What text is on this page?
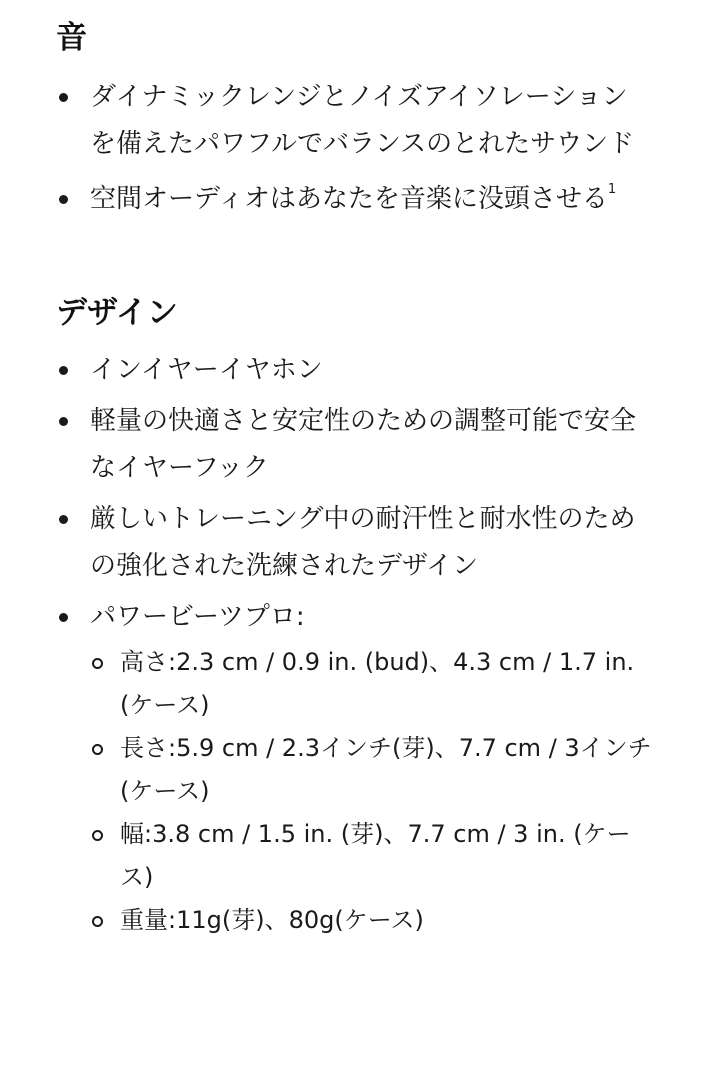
音
ダイナミックレンジとノイズアイソレーションを備えたパワフルでバランスのとれたサウンド
空間オーディオはあなたを音楽に没頭させる$^1$
デザイン
インイヤーイヤホン
軽量の快適さと安定性のための調整可能で安全なイヤーフック
厳しいトレーニング中の耐汗性と耐水性のための強化された洗練されたデザイン
パワービーツプロ:
高さ:2.3 cm / 0.9 in. (bud)、4.3 cm / 1.7 in. (ケース)
長さ:5.9 cm / 2.3インチ(芽)、7.7 cm / 3インチ(ケース)
幅:3.8 cm / 1.5 in. (芽)、7.7 cm / 3 in. (ケース)
重量:11g(芽)、80g(ケース)
